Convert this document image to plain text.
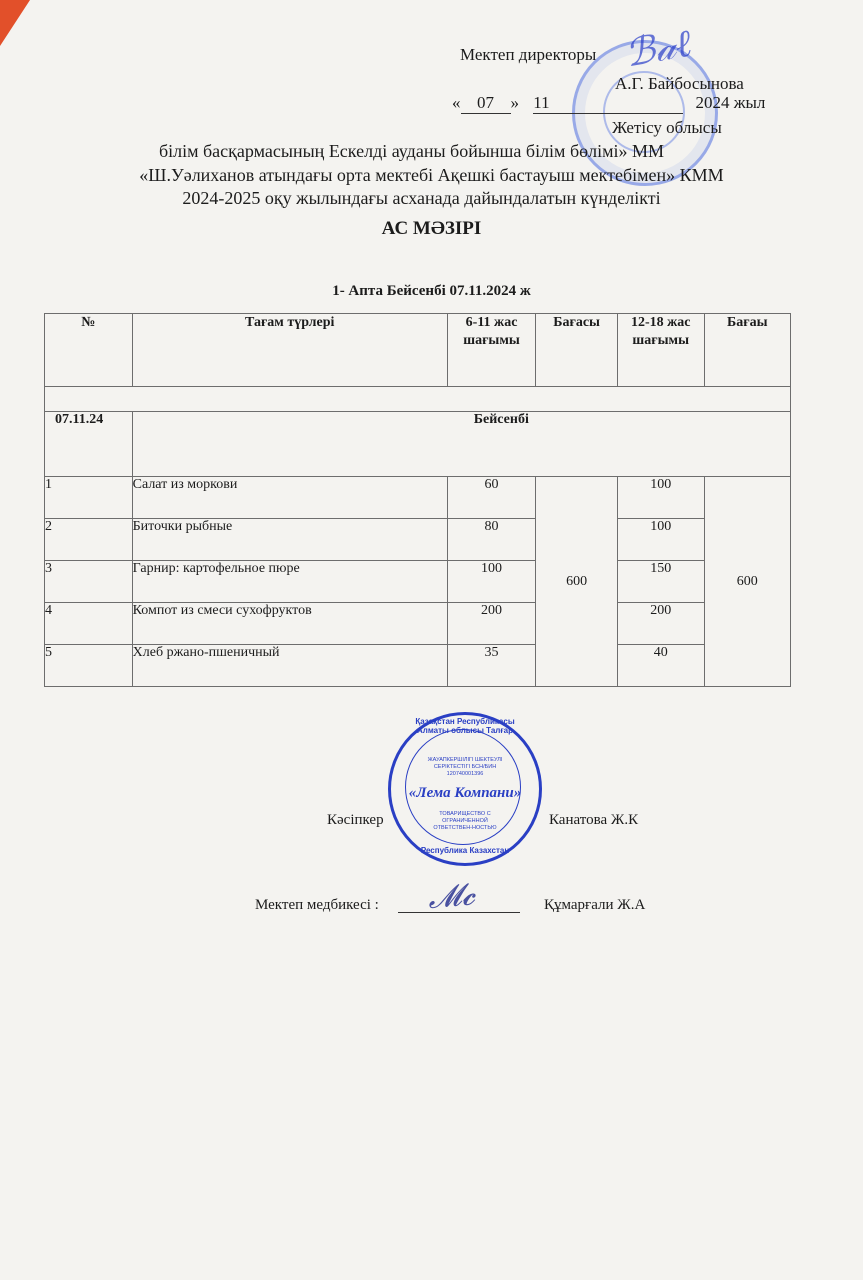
Мектеп директоры ℬ𝒶ℓ
А.Г. Байбосынова
« 07 » 11	2024 жыл
Жетісу облысы
білім басқармасының Ескелді ауданы бойынша білім бөлімі» ММ
«Ш.Уәлиханов атындағы орта мектебі Ақешкі бастауыш мектебімен» КММ
2024-2025 оқу жылындағы асханада дайындалатын күнделікті
АС МӘЗІРІ
1- Апта Бейсенбі 07.11.2024 ж
№	Тағам түрлері	6-11 жас шағымы	Бағасы	12-18 жас шағымы	Бағаы

07.11.24	Бейсенбі				
1	Салат из моркови	60	600	100	600
2	Биточки рыбные	80		100	
3	Гарнир: картофельное пюре	100		150	
4	Компот из смеси сухофруктов	200		200	
5	Хлеб ржано-пшеничный	35		40	
Қазақстан Республикасы Алматы облысы Талғар
ЖАУАПКЕРШІЛІГІ ШЕКТЕУЛІ СЕРІКТЕСТІГІ БСН/БИН 120740001396
«Лема Компани»
ТОВАРИЩЕСТВО С ОГРАНИЧЕННОЙ ОТВЕТСТВЕН-НОСТЬЮ
Республика Казахстан
Кәсіпкер	Канатова Ж.К
Мектеп медбикесі : 𝓜𝓬	Құмарғали Ж.А
